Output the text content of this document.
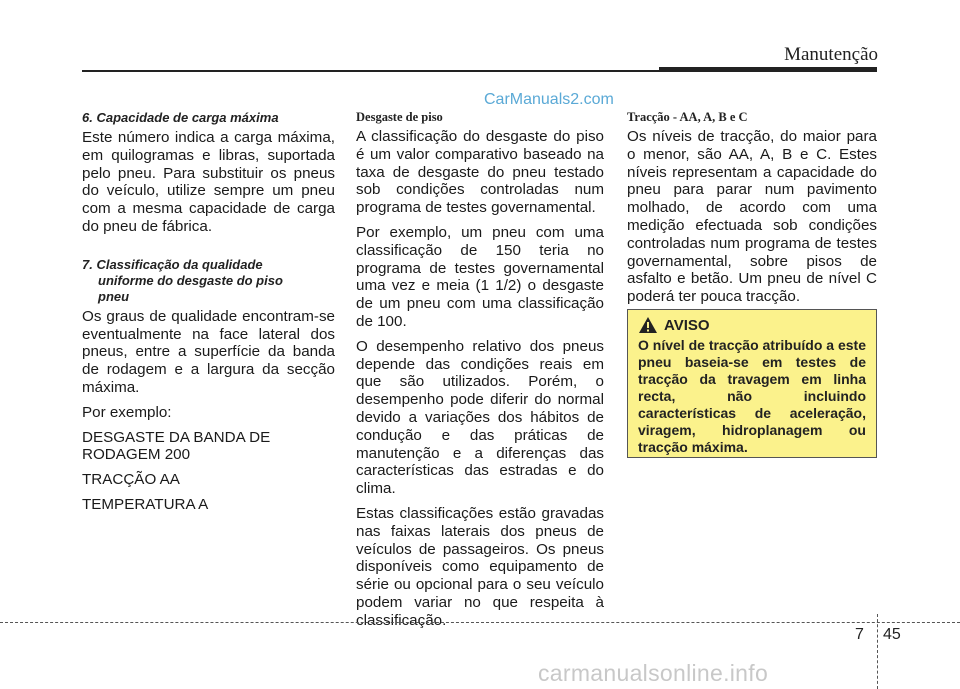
Manutenção
CarManuals2.com
6. Capacidade de carga máxima

Este número indica a carga máxima, em quilogramas e libras, suportada pelo pneu. Para substituir os pneus do veículo, utilize sempre um pneu com a mesma capacidade de carga do pneu de fábrica.

7. Classificação da qualidade
uniforme do desgaste do piso
pneu

Os graus de qualidade encontram-se eventualmente na face lateral dos pneus, entre a superfície da banda de rodagem e a largura da secção máxima.

Por exemplo:

DESGASTE DA BANDA DE RODAGEM 200

TRACÇÃO AA

TEMPERATURA A

Desgaste de piso

A classificação do desgaste do piso é um valor comparativo baseado na taxa de desgaste do pneu testado sob condições controladas num programa de testes governamental.

Por exemplo, um pneu com uma classificação de 150 teria no programa de testes governamental uma vez e meia (1 1/2) o desgaste de um pneu com uma classificação de 100.

O desempenho relativo dos pneus depende das condições reais em que são utilizados. Porém, o desempenho pode diferir do normal devido a variações dos hábitos de condução e das práticas de manutenção e a diferenças das características das estradas e do clima.

Estas classificações estão gravadas nas faixas laterais dos pneus de veículos de passageiros. Os pneus disponíveis como equipamento de série ou opcional para o seu veículo podem variar no que respeita à classificação.

Tracção - AA, A, B e C

Os níveis de tracção, do maior para o menor, são AA, A, B e C. Estes níveis representam a capacidade do pneu para parar num pavimento molhado, de acordo com uma medição efectuada sob condições controladas num programa de testes governamental, sobre pisos de asfalto e betão. Um pneu de nível C poderá ter pouca tracção.

AVISO
O nível de tracção atribuído a este pneu baseia-se em testes de tracção da travagem em linha recta, não incluindo características de aceleração, viragem, hidroplanagem ou tracção máxima.
7 45
carmanualsonline.info
